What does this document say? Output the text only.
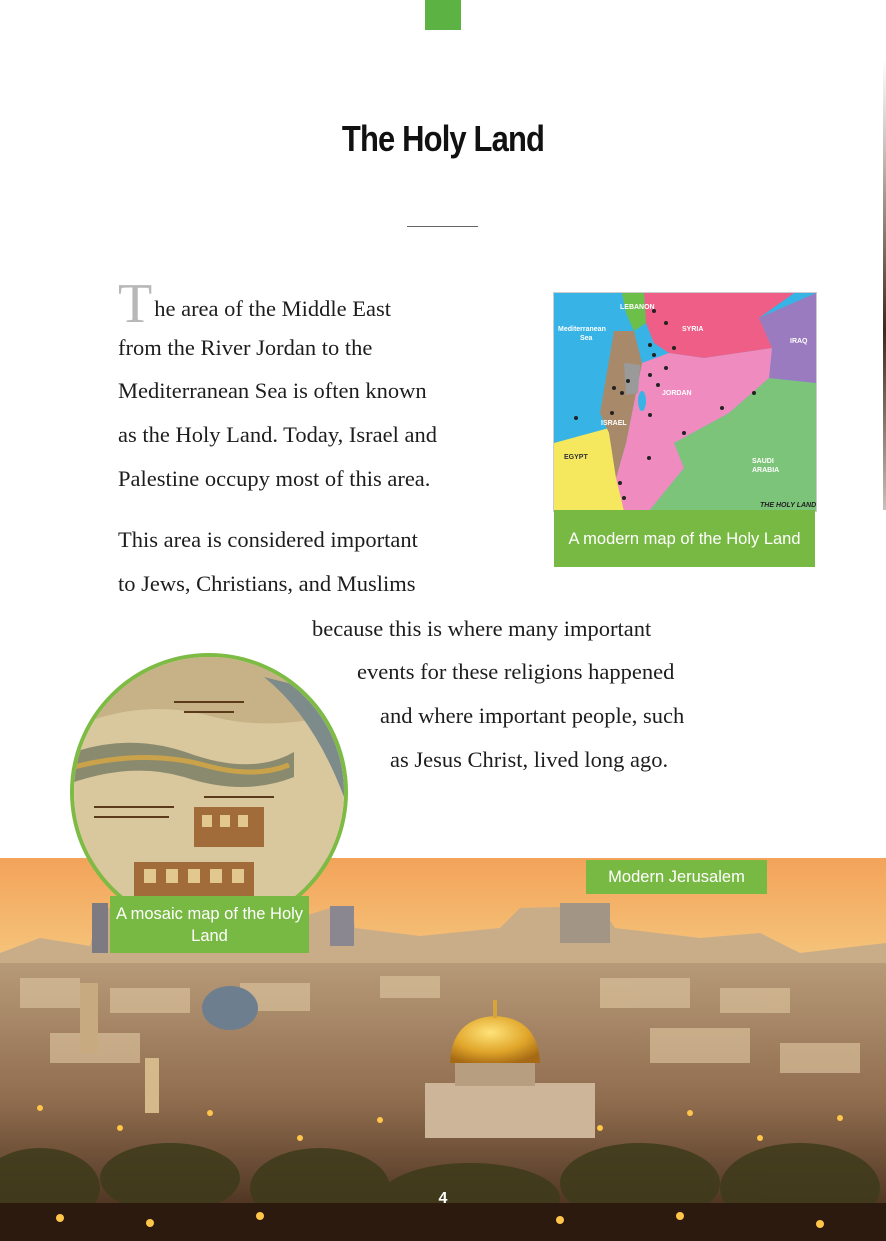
The Holy Land
The area of the Middle East
from the River Jordan to the
Mediterranean Sea is often known
as the Holy Land. Today, Israel and
Palestine occupy most of this area.
This area is considered important
to Jews, Christians, and Muslims
because this is where many important
events for these religions happened
and where important people, such
as Jesus Christ, lived long ago.
LEBANON
SYRIA
IRAQ
JORDAN
ISRAEL
SAUDI
ARABIA
Mediterranean
Sea
EGYPT
THE HOLY LAND
A modern map of the Holy Land
A mosaic map of the Holy Land
Modern Jerusalem
4
